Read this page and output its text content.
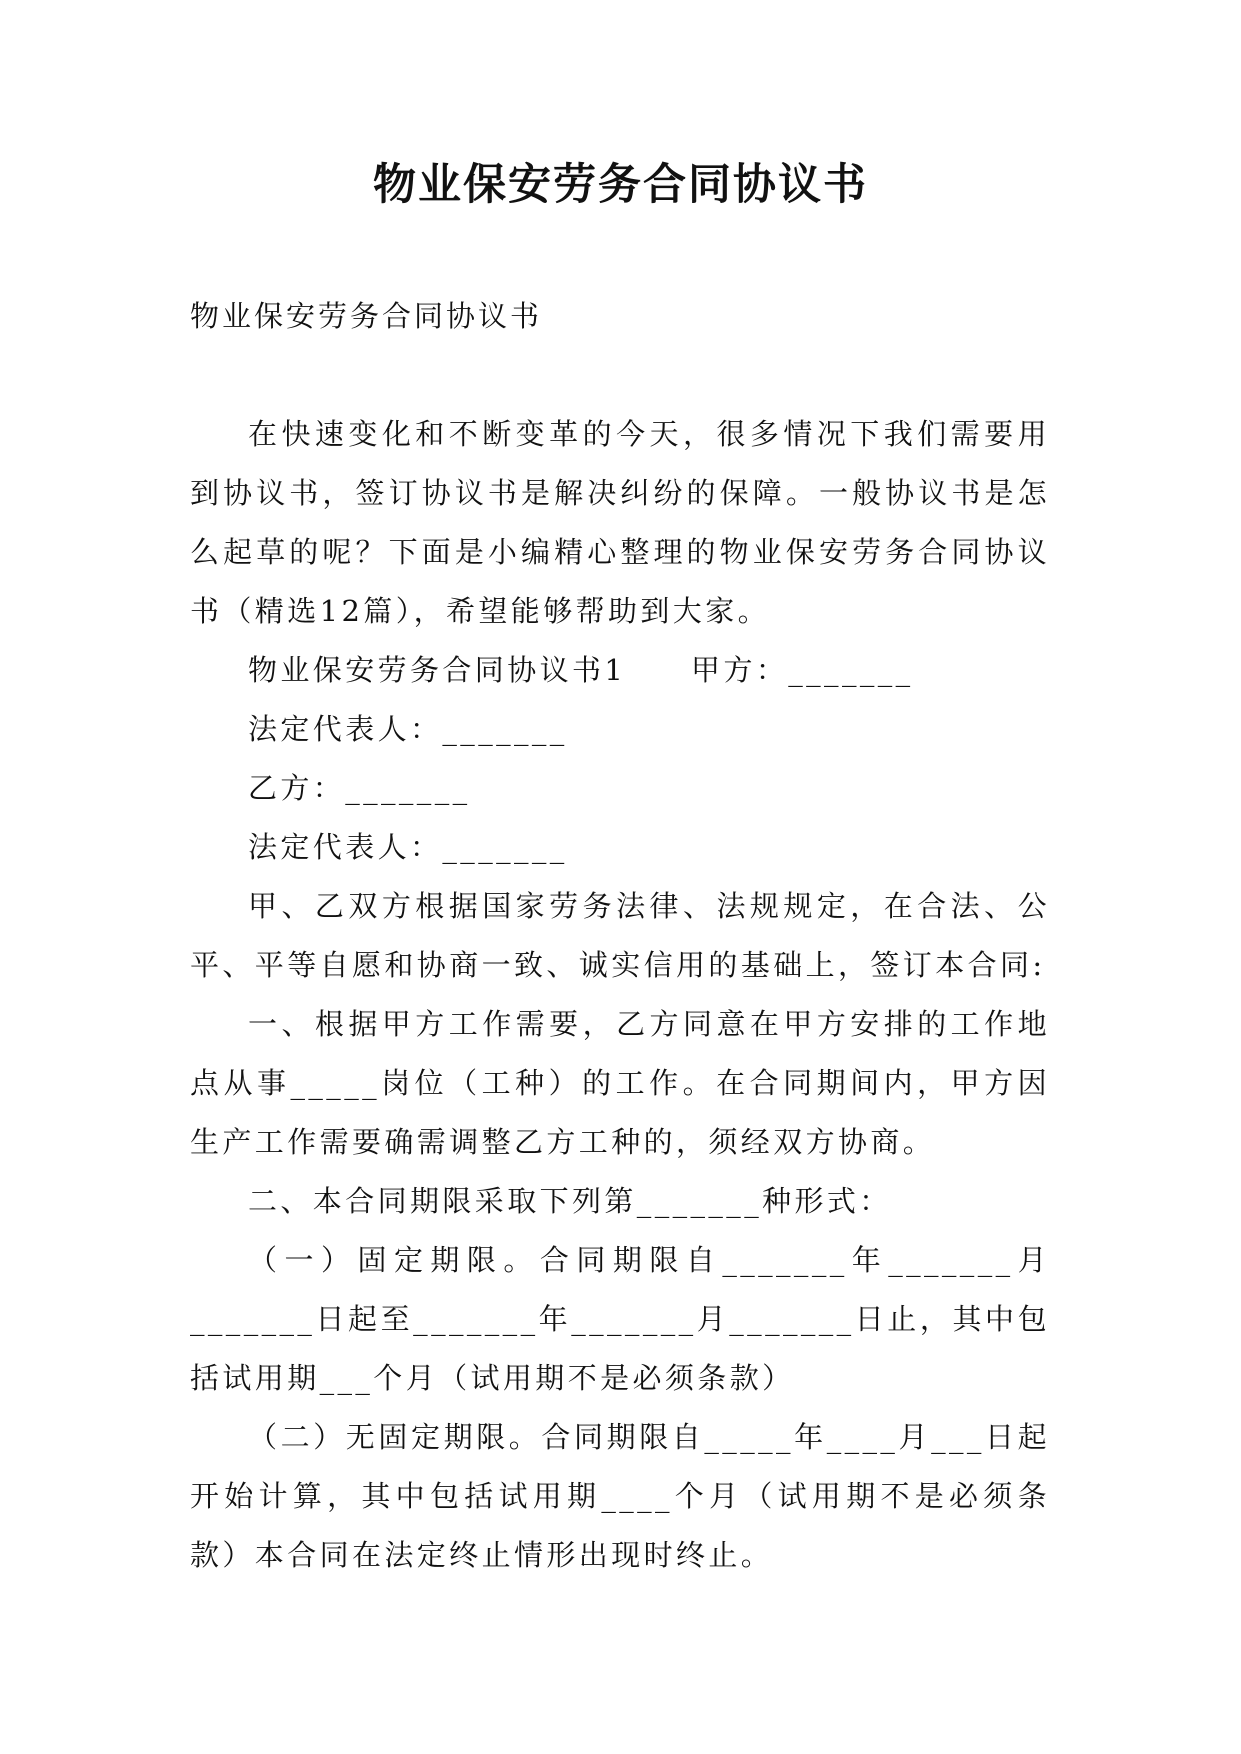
物业保安劳务合同协议书
物业保安劳务合同协议书

在快速变化和不断变革的今天，很多情况下我们需要用到协议书，签订协议书是解决纠纷的保障。一般协议书是怎么起草的呢？下面是小编精心整理的物业保安劳务合同协议书（精选12篇），希望能够帮助到大家。

物业保安劳务合同协议书1　　甲方：_______

法定代表人：_______

乙方：_______

法定代表人：_______

甲、乙双方根据国家劳务法律、法规规定，在合法、公平、平等自愿和协商一致、诚实信用的基础上，签订本合同:

一、根据甲方工作需要，乙方同意在甲方安排的工作地点从事_____岗位（工种）的工作。在合同期间内，甲方因生产工作需要确需调整乙方工种的，须经双方协商。

二、本合同期限采取下列第_______种形式：

（一）固定期限。合同期限自_______年_______月_______日起至_______年_______月_______日止，其中包括试用期___个月（试用期不是必须条款）

（二）无固定期限。合同期限自_____年____月___日起开始计算，其中包括试用期____个月（试用期不是必须条款）本合同在法定终止情形出现时终止。
